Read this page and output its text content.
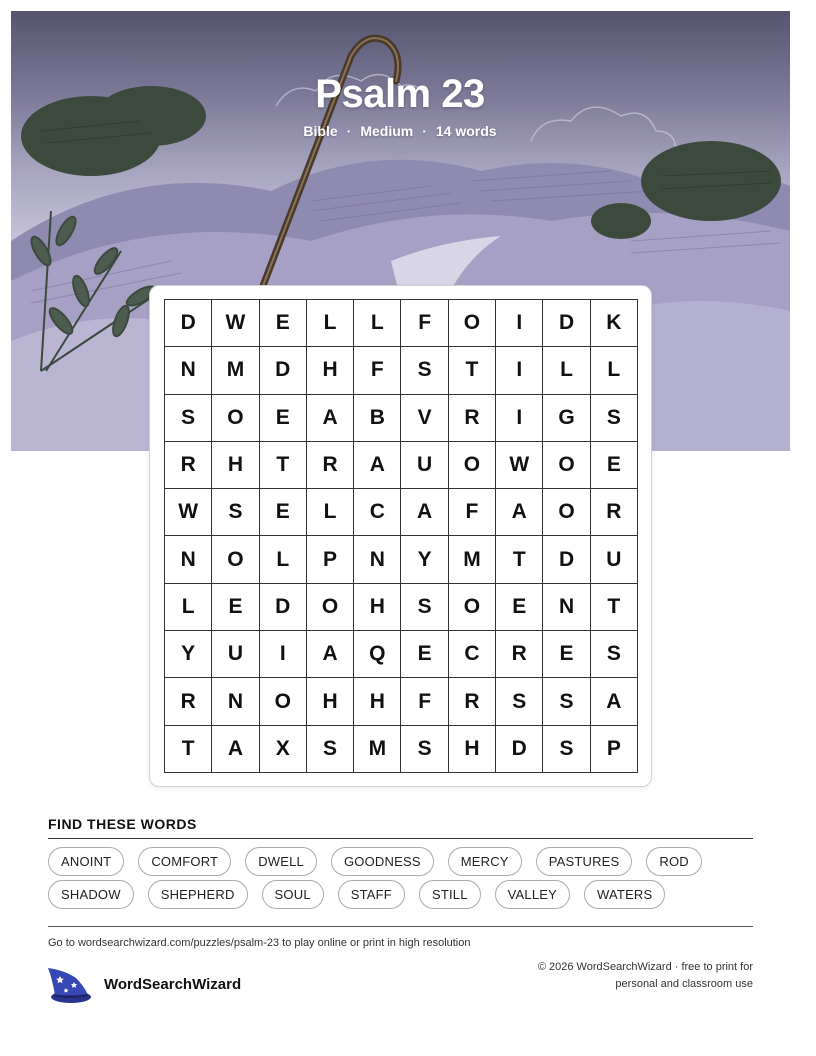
Psalm 23
Bible · Medium · 14 words
D	W	E	L	L	F	O	I	D	K
N	M	D	H	F	S	T	I	L	L
S	O	E	A	B	V	R	I	G	S
R	H	T	R	A	U	O	W	O	E
W	S	E	L	C	A	F	A	O	R
N	O	L	P	N	Y	M	T	D	U
L	E	D	O	H	S	O	E	N	T
Y	U	I	A	Q	E	C	R	E	S
R	N	O	H	H	F	R	S	S	A
T	A	X	S	M	S	H	D	S	P
FIND THESE WORDS
ANOINT	COMFORT	DWELL	GOODNESS	MERCY	PASTURES	ROD
SHADOW	SHEPHERD	SOUL	STAFF	STILL	VALLEY	WATERS
Go to wordsearchwizard.com/puzzles/psalm-23 to play online or print in high resolution
WordSearchWizard
© 2026 WordSearchWizard · free to print for personal and classroom use
